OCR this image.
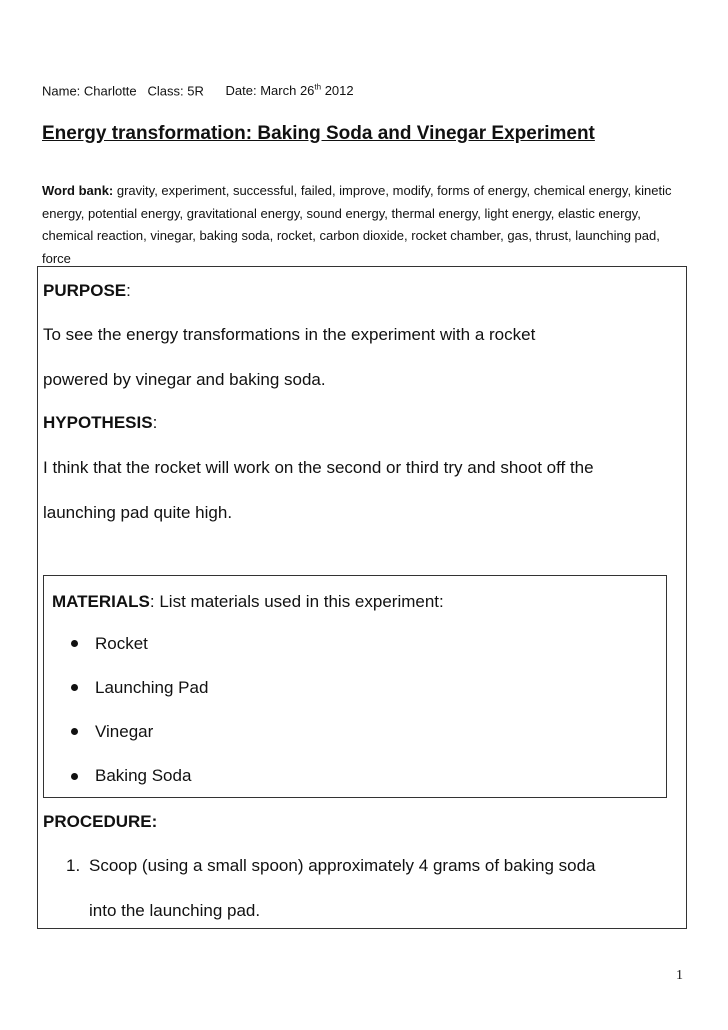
Name: Charlotte Class: 5R Date: March 26th 2012
Energy transformation: Baking Soda and Vinegar Experiment
Word bank: gravity, experiment, successful, failed, improve, modify, forms of energy, chemical energy, kinetic energy, potential energy, gravitational energy, sound energy, thermal energy, light energy, elastic energy, chemical reaction, vinegar, baking soda, rocket, carbon dioxide, rocket chamber, gas, thrust, launching pad, force
PURPOSE:
To see the energy transformations in the experiment with a rocket
powered by vinegar and baking soda.
HYPOTHESIS:
I think that the rocket will work on the second or third try and shoot off the
launching pad quite high.
MATERIALS: List materials used in this experiment:
Rocket
Launching Pad
Vinegar
Baking Soda
PROCEDURE:
1. Scoop (using a small spoon) approximately 4 grams of baking soda
into the launching pad.
1
